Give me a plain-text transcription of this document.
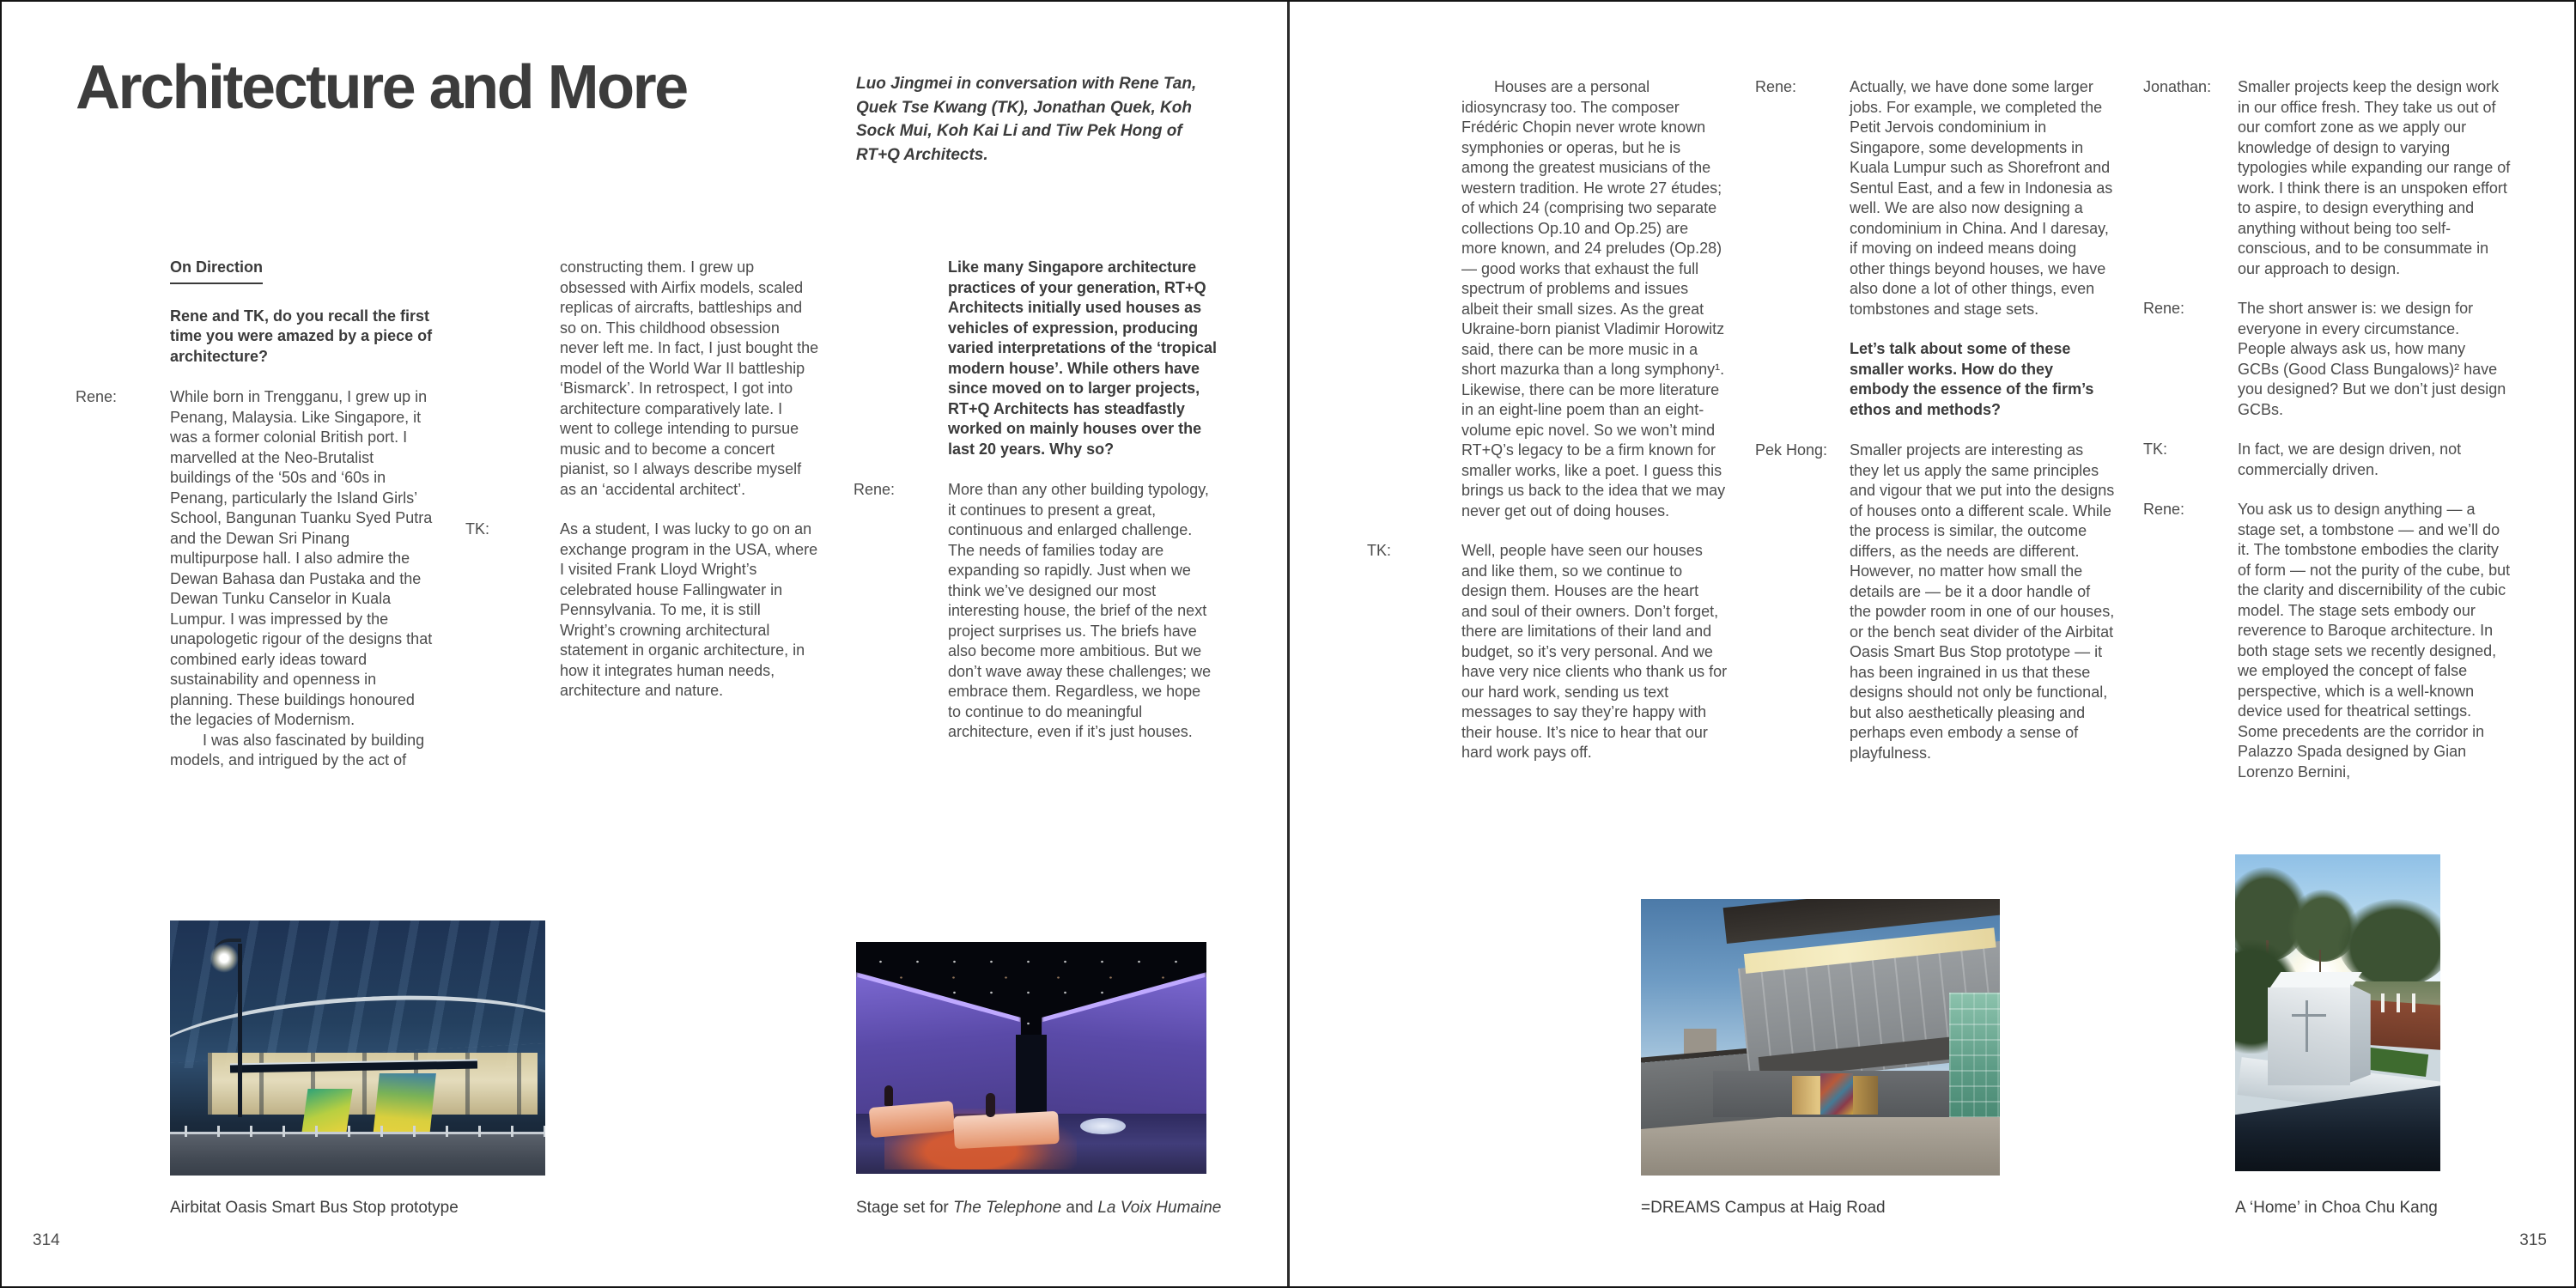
Architecture and More	Luo Jingmei in conversation with Rene Tan, Quek Tse Kwang (TK), Jonathan Quek, Koh Sock Mui, Koh Kai Li and Tiw Pek Hong of RT+Q Architects.
On Direction
Rene and TK, do you recall the first time you were amazed by a piece of architecture?
Rene:	While born in Trengganu, I grew up in Penang, Malaysia. Like Singapore, it was a former colonial British port. I marvelled at the Neo-Brutalist buildings of the ‘50s and ‘60s in Penang, particularly the Island Girls’ School, Bangunan Tuanku Syed Putra and the Dewan Sri Pinang multipurpose hall. I also admire the Dewan Bahasa dan Pustaka and the Dewan Tunku Canselor in Kuala Lumpur. I was impressed by the unapologetic rigour of the designs that combined early ideas toward sustainability and openness in planning. These buildings honoured the legacies of Modernism.

I was also fascinated by building models, and intrigued by the act of

constructing them. I grew up obsessed with Airfix models, scaled replicas of aircrafts, battleships and so on. This childhood obsession never left me. In fact, I just bought the model of the World War II battleship ‘Bismarck’. In retrospect, I got into architecture comparatively late. I went to college intending to pursue music and to become a concert pianist, so I always describe myself as an ‘accidental architect’.

TK:	As a student, I was lucky to go on an exchange program in the USA, where I visited Frank Lloyd Wright’s celebrated house Fallingwater in Pennsylvania. To me, it is still Wright’s crowning architectural statement in organic architecture, in how it integrates human needs, architecture and nature.

Like many Singapore architecture practices of your generation, RT+Q Architects initially used houses as vehicles of expression, producing varied interpretations of the ‘tropical modern house’. While others have since moved on to larger projects, RT+Q Architects has steadfastly worked on mainly houses over the last 20 years. Why so?
Rene:	More than any other building typology, it continues to present a great, continuous and enlarged challenge. The needs of families today are expanding so rapidly. Just when we think we’ve designed our most interesting house, the brief of the next project surprises us. The briefs have also become more ambitious. But we don’t wave away these challenges; we embrace them. Regardless, we hope to continue to do meaningful architecture, even if it’s just houses.

Airbitat Oasis Smart Bus Stop prototype	Stage set for The Telephone and La Voix Humaine
314

Houses are a personal idiosyncrasy too. The composer Frédéric Chopin never wrote known symphonies or operas, but he is among the greatest musicians of the western tradition. He wrote 27 études; of which 24 (comprising two separate collections Op.10 and Op.25) are more known, and 24 preludes (Op.28) — good works that exhaust the full spectrum of problems and issues albeit their small sizes. As the great Ukraine-born pianist Vladimir Horowitz said, there can be more music in a short mazurka than a long symphony¹. Likewise, there can be more literature in an eight-line poem than an eight-volume epic novel. So we won’t mind RT+Q’s legacy to be a firm known for smaller works, like a poet. I guess this brings us back to the idea that we may never get out of doing houses.

TK:	Well, people have seen our houses and like them, so we continue to design them. Houses are the heart and soul of their owners. Don’t forget, there are limitations of their land and budget, so it’s very personal. And we have very nice clients who thank us for our hard work, sending us text messages to say they’re happy with their house. It’s nice to hear that our hard work pays off.

Rene:	Actually, we have done some larger jobs. For example, we completed the Petit Jervois condominium in Singapore, some developments in Kuala Lumpur such as Shorefront and Sentul East, and a few in Indonesia as well. We are also now designing a condominium in China. And I daresay, if moving on indeed means doing other things beyond houses, we have also done a lot of other things, even tombstones and stage sets.

Let’s talk about some of these smaller works. How do they embody the essence of the firm’s ethos and methods?
Pek Hong:	Smaller projects are interesting as they let us apply the same principles and vigour that we put into the designs of houses onto a different scale. While the process is similar, the outcome differs, as the needs are different. However, no matter how small the details are — be it a door handle of the powder room in one of our houses, or the bench seat divider of the Airbitat Oasis Smart Bus Stop prototype — it has been ingrained in us that these designs should not only be functional, but also aesthetically pleasing and perhaps even embody a sense of playfulness.

Jonathan:	Smaller projects keep the design work in our office fresh. They take us out of our comfort zone as we apply our knowledge of design to varying typologies while expanding our range of work. I think there is an unspoken effort to aspire, to design everything and anything without being too self-conscious, and to be consummate in our approach to design.

Rene:	The short answer is: we design for everyone in every circumstance. People always ask us, how many GCBs (Good Class Bungalows)² have you designed? But we don’t just design GCBs.

TK:	In fact, we are design driven, not commercially driven.

Rene:	You ask us to design anything — a stage set, a tombstone — and we’ll do it. The tombstone embodies the clarity of form — not the purity of the cube, but the clarity and discernibility of the cubic model. The stage sets embody our reverence to Baroque architecture. In both stage sets we recently designed, we employed the concept of false perspective, which is a well-known device used for theatrical settings. Some precedents are the corridor in Palazzo Spada designed by Gian Lorenzo Bernini,

=DREAMS Campus at Haig Road	A ‘Home’ in Choa Chu Kang
315
